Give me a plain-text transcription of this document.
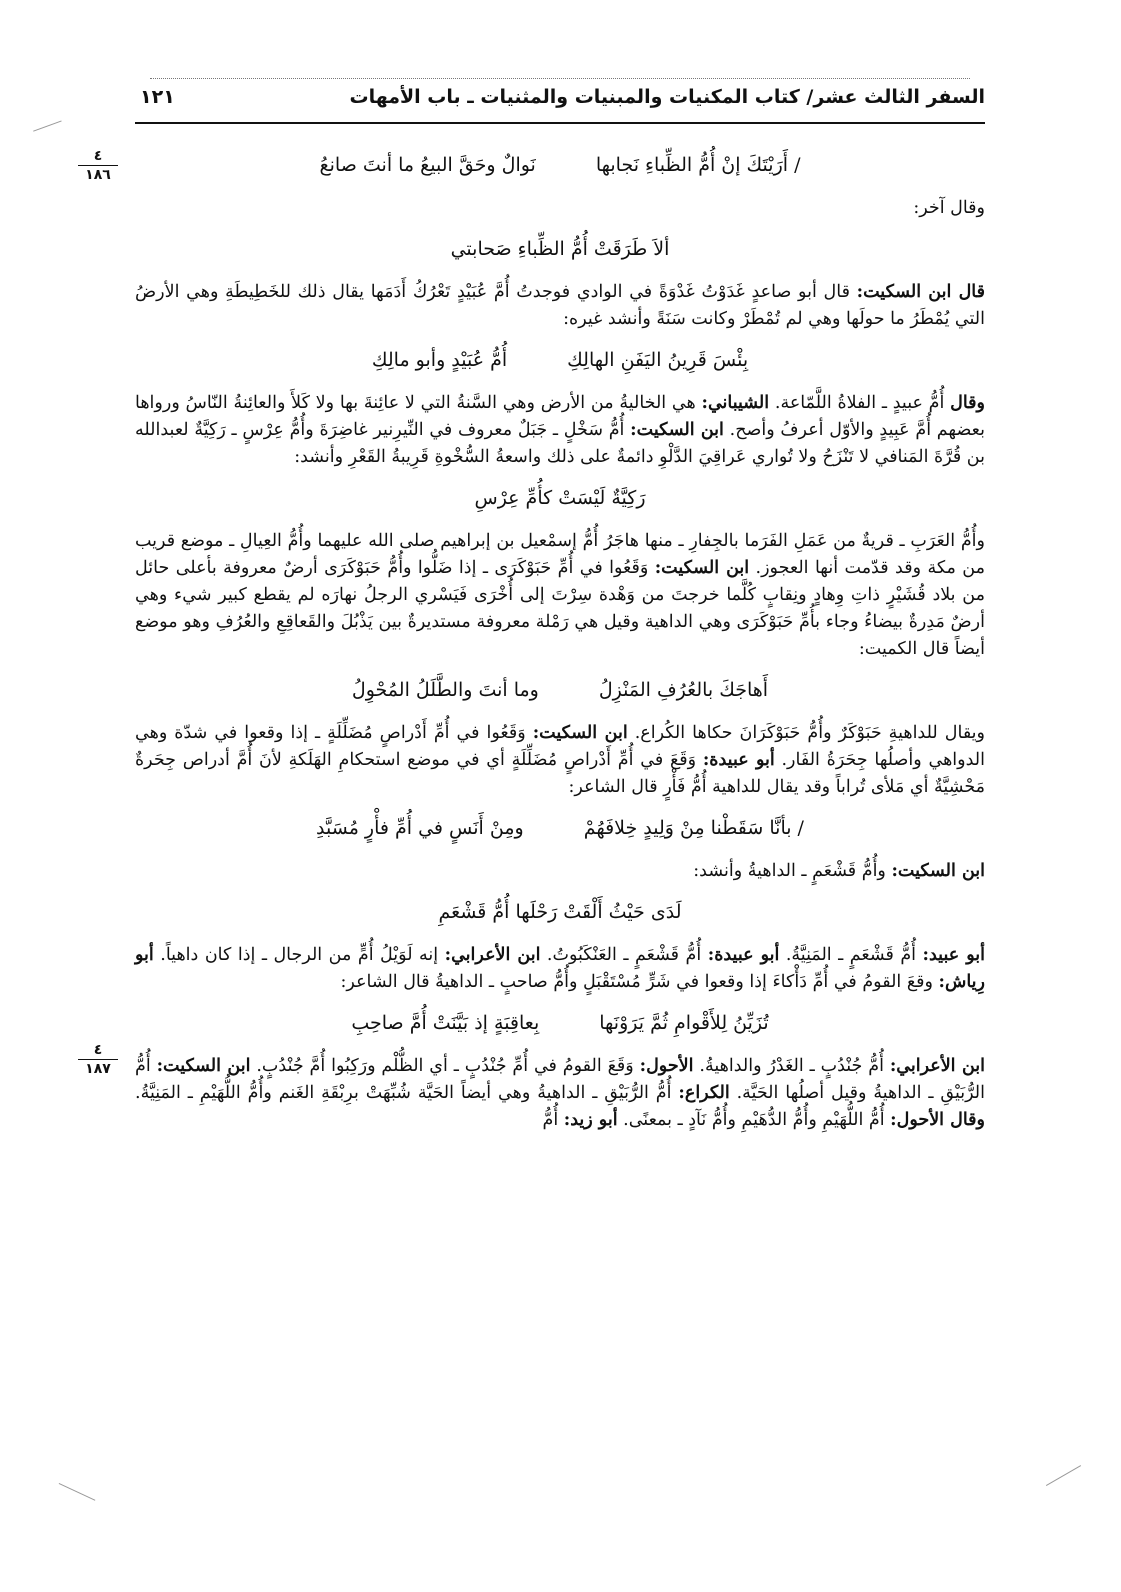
السفر الثالث عشر/ كتاب المكنيات والمبنيات والمثنيات ـ باب الأمهات
١٢١
٤
١٨٦
٤
١٨٧
/ أَرَيْتَكَ إنْ أُمُّ الظِّباءِ نَجابها
نَوالٌ وحَقَّ البيعُ ما أنتَ صانعُ

وقال آخر:

ألاَ طَرَقَتْ أُمُّ الظِّباءِ صَحابتي

قال ابن السكيت: قال أبو صاعدٍ غَدَوْتُ غَدْوَةً في الوادي فوجدتُ أُمَّ عُبَيْدٍ تَعْرُكُ أَدَمَها يقال ذلك للخَطِيطَةِ وهي الأرضُ التي يُمْطَرُ ما حولَها وهي لم تُمْطَرْ وكانت سَنَةً وأنشد غيره:

بِئْسَ قَرِينُ اليَفَنِ الهالِكِ
أُمُّ عُبَيْدٍ وأبو مالِكِ

وقال أُمُّ عبيدٍ ـ الفلاةُ اللَّمّاعة. الشيباني: هي الخاليةُ من الأرض وهي السَّنةُ التي لا عائِنةَ بها ولا كَلأَ والعائِنةُ النّاسُ ورواها بعضهم أُمَّ عَبِيدٍ والأوّل أعرفُ وأصح. ابن السكيت: أُمُّ سَخْلٍ ـ جَبَلٌ معروف في النِّيرِنير غاضِرَةَ وأُمُّ عِرْسٍ ـ رَكِيَّةٌ لعبدالله بن قُرَّةَ المَنافي لا تَنْزَحُ ولا تُواري عَراقِيَ الدَّلْوِ دائمةٌ على ذلك واسعةُ السُّخْوةِ قَرِيبةُ القَعْرِ وأنشد:

رَكِيَّةٌ لَيْسَتْ كأُمِّ عِرْسِ

وأُمُّ العَرَبِ ـ قريةٌ من عَمَلِ الفَرَما بالجِفارِ ـ منها هاجَرُ أُمُّ إسمْعيل بن إبراهيم صلى الله عليهما وأُمُّ العِيالِ ـ موضع قريب من مكة وقد قدّمت أنها العجوز. ابن السكيت: وَقَعُوا في أُمِّ حَبَوْكَرَى ـ إذا ضَلُّوا وأُمُّ حَبَوْكَرَى أرضٌ معروفة بأعلى حائل من بلاد قُشَيْرٍ ذاتِ وِهادٍ ونِقابٍ كُلَّما خرجتَ من وَهْدة سِرْتَ إلى أُخْرَى فَيَسْري الرجلُ نهارَه لم يقطع كبير شيء وهي أرضٌ مَدِرةٌ بيضاءُ وجاء بأُمِّ حَبَوْكَرَى وهي الداهية وقيل هي رَمْلة معروفة مستديرةٌ بين يَذْبُلَ والقَعاقِعِ والعُرُفِ وهو موضع أيضاً قال الكميت:

أَهاجَكَ بالعُرُفِ المَنْزِلُ
وما أنتَ والطَّلَلُ المُحْوِلُ

ويقال للداهيةِ حَبَوْكَرٌ وأُمُّ حَبَوْكَرَانَ حكاها الكُراع. ابن السكيت: وَقَعُوا في أُمِّ أَدْراصٍ مُضَلِّلَةٍ ـ إذا وقعوا في شدّة وهي الدواهي وأصلُها جِحَرَةُ الفَار. أبو عبيدة: وَقَعَ في أُمِّ أَدْراصٍ مُضَلِّلَةٍ أي في موضع استحكامِ الهَلَكةِ لأنَ أُمَّ أدراص جِحَرةٌ مَحْشِيَّةٌ أي مَلأى تُراباً وقد يقال للداهية أُمُّ فَأْرٍ قال الشاعر:

/ بأنَّا سَقَطْنا مِنْ وَلِيدٍ خِلافَهُمْ
ومِنْ أَنَسٍ في أُمِّ فأْرٍ مُسَبَّدِ

ابن السكيت: وأُمُّ قَشْعَمٍ ـ الداهيةُ وأنشد:

لَدَى حَيْثُ أَلْقَتْ رَحْلَها أُمُّ قَشْعَمِ

أبو عبيد: أُمُّ قَشْعَمٍ ـ المَنِيَّةُ. أبو عبيدة: أُمُّ قَشْعَمٍ ـ العَنْكَبُوتُ. ابن الأعرابي: إنه لَوَيْلُ أُمٍّ من الرجال ـ إذا كان داهياً. أبو رِياش: وقعَ القومُ في أُمِّ دَأْكاءَ إذا وقعوا في شَرٍّ مُسْتَقْبَلٍ وأُمُّ صاحبٍ ـ الداهيةُ قال الشاعر:

تُزَيِّنُ لِلأَقْوامِ ثُمَّ يَرَوْنَها
بِعاقِبَةٍ إذ بَيَّنَتْ أُمَّ صاحِبِ

ابن الأعرابي: أُمُّ جُنْدُبٍ ـ الغَدْرُ والداهيةُ. الأحول: وَقَعَ القومُ في أُمِّ جُنْدُبٍ ـ أي الظُّلْم ورَكِبُوا أُمَّ جُنْدُبٍ. ابن السكيت: أُمُّ الرُّبَيْقِ ـ الداهيةُ وقيل أصلُها الحَيَّة. الكراع: أُمُّ الرُّبَيْقِ ـ الداهيةُ وهي أيضاً الحَيَّة شُبِّهَتْ برِبْقَةِ الغَنم وأُمُّ اللُّهَيْمِ ـ المَنِيَّةُ. وقال الأحول: أُمُّ اللُّهَيْمِ وأُمُّ الدُّهَيْمِ وأُمُّ نَآدٍ ـ بمعنًى. أبو زيد: أُمُّ
